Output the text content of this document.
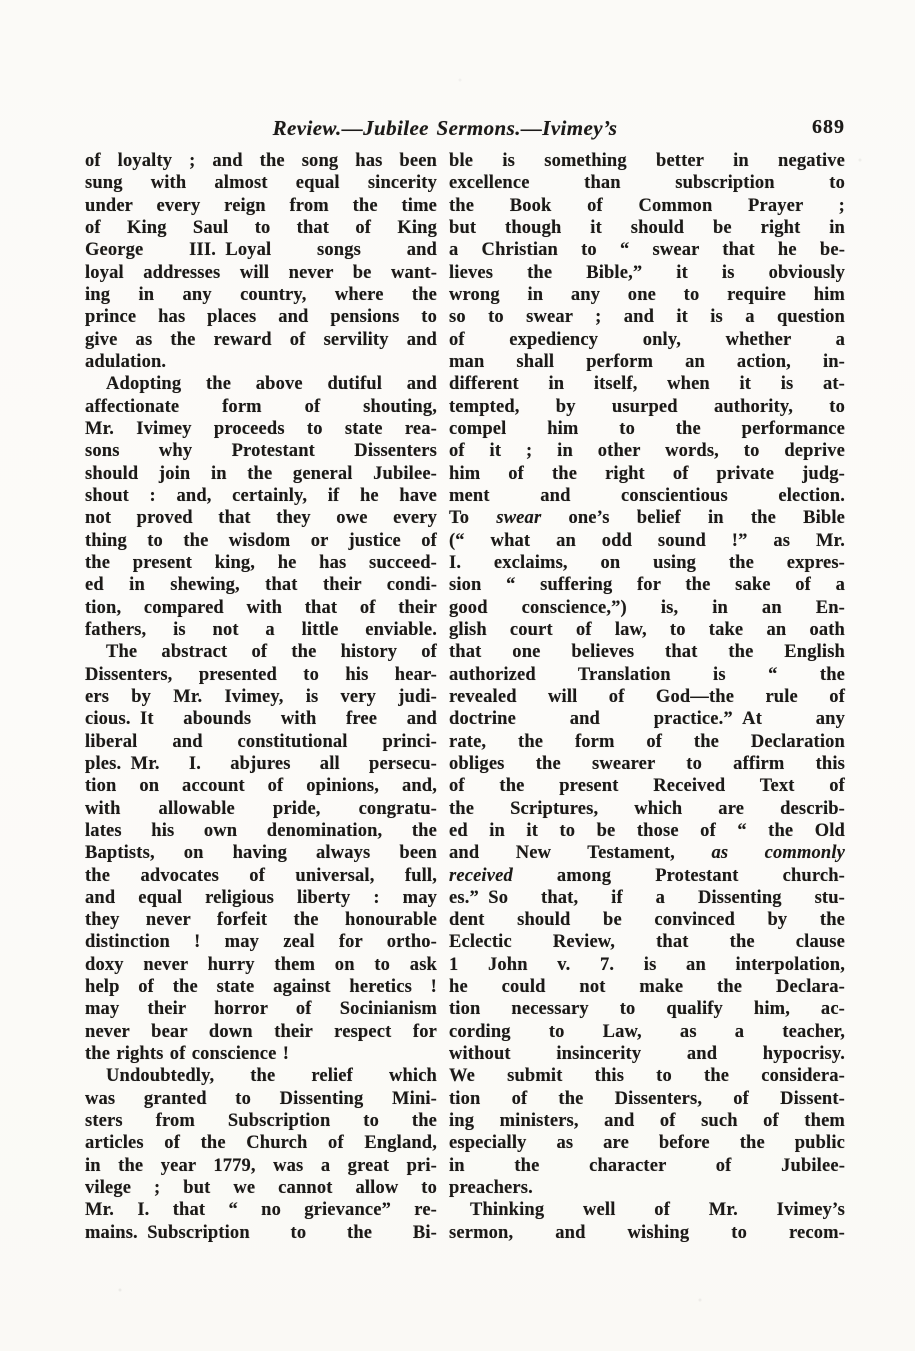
Review.—Jubilee Sermons.—Ivimey’s	689
of loyalty ; and the song has been
sung with almost equal sincerity
under every reign from the time
of King Saul to that of King
George III. Loyal songs and
loyal addresses will never be want-
ing in any country, where the
prince has places and pensions to
give as the reward of servility and
adulation.
Adopting the above dutiful and
affectionate form of shouting,
Mr. Ivimey proceeds to state rea-
sons why Protestant Dissenters
should join in the general Jubilee-
shout : and, certainly, if he have
not proved that they owe every
thing to the wisdom or justice of
the present king, he has succeed-
ed in shewing, that their condi-
tion, compared with that of their
fathers, is not a little enviable.
The abstract of the history of
Dissenters, presented to his hear-
ers by Mr. Ivimey, is very judi-
cious. It abounds with free and
liberal and constitutional princi-
ples. Mr. I. abjures all persecu-
tion on account of opinions, and,
with allowable pride, congratu-
lates his own denomination, the
Baptists, on having always been
the advocates of universal, full,
and equal religious liberty : may
they never forfeit the honourable
distinction ! may zeal for ortho-
doxy never hurry them on to ask
help of the state against heretics !
may their horror of Socinianism
never bear down their respect for
the rights of conscience !
Undoubtedly, the relief which
was granted to Dissenting Mini-
sters from Subscription to the
articles of the Church of England,
in the year 1779, was a great pri-
vilege ; but we cannot allow to
Mr. I. that “ no grievance” re-
mains. Subscription to the Bi-
ble is something better in negative
excellence than subscription to
the Book of Common Prayer ;
but though it should be right in
a Christian to “ swear that he be-
lieves the Bible,” it is obviously
wrong in any one to require him
so to swear ; and it is a question
of expediency only, whether a
man shall perform an action, in-
different in itself, when it is at-
tempted, by usurped authority, to
compel him to the performance
of it ; in other words, to deprive
him of the right of private judg-
ment and conscientious election.
To swear one’s belief in the Bible
(“ what an odd sound !” as Mr.
I. exclaims, on using the expres-
sion “ suffering for the sake of a
good conscience,”) is, in an En-
glish court of law, to take an oath
that one believes that the English
authorized Translation is “ the
revealed will of God—the rule of
doctrine and practice.” At any
rate, the form of the Declaration
obliges the swearer to affirm this
of the present Received Text of
the Scriptures, which are describ-
ed in it to be those of “ the Old
and New Testament, as commonly
received among Protestant church-
es.” So that, if a Dissenting stu-
dent should be convinced by the
Eclectic Review, that the clause
1 John v. 7. is an interpolation,
he could not make the Declara-
tion necessary to qualify him, ac-
cording to Law, as a teacher,
without insincerity and hypocrisy.
We submit this to the considera-
tion of the Dissenters, of Dissent-
ing ministers, and of such of them
especially as are before the public
in the character of Jubilee-
preachers.
Thinking well of Mr. Ivimey’s
sermon, and wishing to recom-
